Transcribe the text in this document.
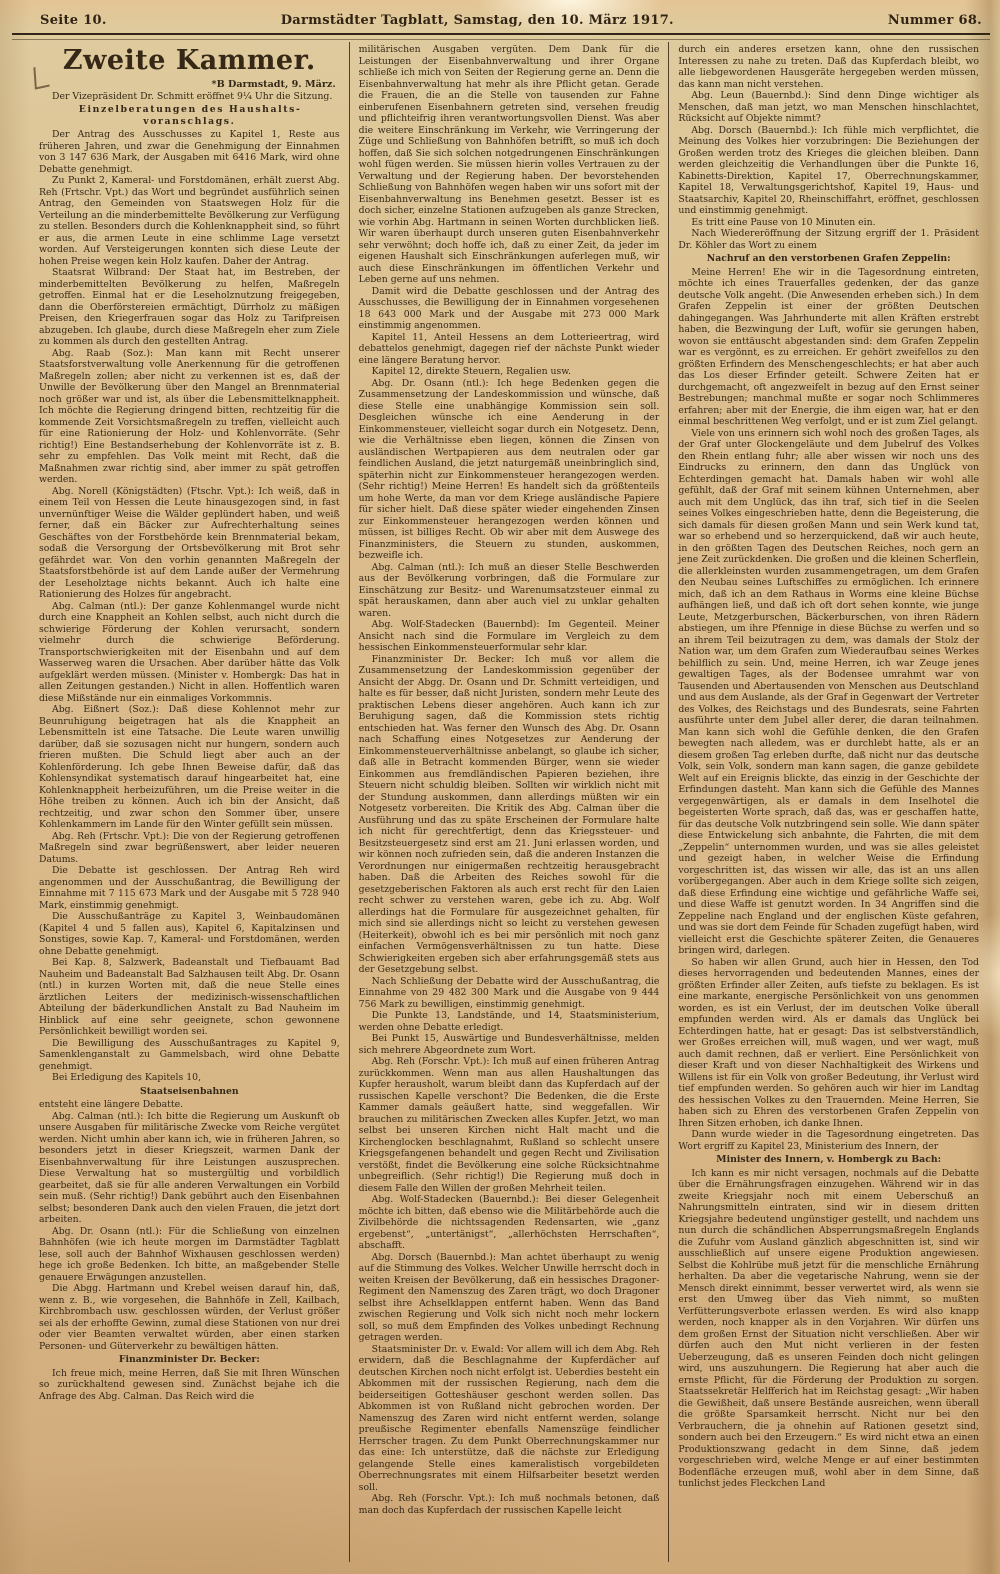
Seite 10.	Darmstädter Tagblatt, Samstag, den 10. März 1917.	Nummer 68.
Zweite Kammer.
*B Darmstadt, 9. März.
Der Vizepräsident Dr. Schmitt eröffnet 9¼ Uhr die Sitzung.
Einzelberatungen des Haushaltsvoranschlags.
Der Antrag des Ausschusses zu Kapitel 1, Reste aus früheren Jahren, und zwar die Genehmigung der Einnahmen von 3 147 636 Mark, der Ausgaben mit 6416 Mark, wird ohne Debatte genehmigt.
Zu Punkt 2, Kameral- und Forstdomänen, erhält zuerst Abg. Reh (Frtschr. Vpt.) das Wort und begründet ausführlich seinen Antrag, den Gemeinden von Staatswegen Holz für die Verteilung an die minderbemittelte Bevölkerung zur Verfügung zu stellen. Besonders durch die Kohlenknappheit sind, so führt er aus, die armen Leute in eine schlimme Lage versetzt worden. Auf Versteigerungen konnten sich diese Leute der hohen Preise wegen kein Holz kaufen. Daher der Antrag.
Staatsrat Wilbrand: Der Staat hat, im Bestreben, der minderbemittelten Bevölkerung zu helfen, Maßregeln getroffen. Einmal hat er die Leseholznutzung freigegeben, dann die Oberförstereien ermächtigt, Dürrholz zu mäßigen Preisen, den Kriegerfrauen sogar das Holz zu Tarifpreisen abzugeben. Ich glaube, durch diese Maßregeln eher zum Ziele zu kommen als durch den gestellten Antrag.
Abg. Raab (Soz.): Man kann mit Recht unserer Staatsforstverwaltung volle Anerkennung für die getroffenen Maßregeln zollen; aber nicht zu verkennen ist es, daß der Unwille der Bevölkerung über den Mangel an Brennmaterial noch größer war und ist, als über die Lebensmittelknappheit. Ich möchte die Regierung dringend bitten, rechtzeitig für die kommende Zeit Vorsichtsmaßregeln zu treffen, vielleicht auch für eine Rationierung der Holz- und Kohlenvorräte. (Sehr richtig!) Eine Bestandserhebung der Kohlenvorräte ist z. B. sehr zu empfehlen. Das Volk meint mit Recht, daß die Maßnahmen zwar richtig sind, aber immer zu spät getroffen werden.
Abg. Norell (Königstädten) (Ftschr. Vpt.): Ich weiß, daß in einem Teil von Hessen die Leute hinausgezogen sind, in fast unvernünftiger Weise die Wälder geplündert haben, und weiß ferner, daß ein Bäcker zur Aufrechterhaltung seines Geschäftes von der Forstbehörde kein Brennmaterial bekam, sodaß die Versorgung der Ortsbevölkerung mit Brot sehr gefährdet war. Von den vorhin genannten Maßregeln der Staatsforstbehörde ist auf dem Lande außer der Vermehrung der Leseholztage nichts bekannt. Auch ich halte eine Rationierung des Holzes für angebracht.
Abg. Calman (ntl.): Der ganze Kohlenmangel wurde nicht durch eine Knappheit an Kohlen selbst, auch nicht durch die schwierige Förderung der Kohlen verursacht, sondern vielmehr durch die schwierige Beförderung. Transportschwierigkeiten mit der Eisenbahn und auf dem Wasserweg waren die Ursachen. Aber darüber hätte das Volk aufgeklärt werden müssen. (Minister v. Hombergk: Das hat in allen Zeitungen gestanden.) Nicht in allen. Hoffentlich waren diese Mißstände nur ein einmaliges Vorkommnis.
Abg. Eißnert (Soz.): Daß diese Kohlennot mehr zur Beunruhigung beigetragen hat als die Knappheit an Lebensmitteln ist eine Tatsache. Die Leute waren unwillig darüber, daß sie sozusagen nicht nur hungern, sondern auch frieren mußten. Die Schuld liegt aber auch an der Kohlenförderung. Ich gebe Ihnen Beweise dafür, daß das Kohlensyndikat systematisch darauf hingearbeitet hat, eine Kohlenknappheit herbeizuführen, um die Preise weiter in die Höhe treiben zu können. Auch ich bin der Ansicht, daß rechtzeitig, und zwar schon den Sommer über, unsere Kohlenkammern im Lande für den Winter gefüllt sein müssen.
Abg. Reh (Frtschr. Vpt.): Die von der Regierung getroffenen Maßregeln sind zwar begrüßenswert, aber leider neueren Datums.
Die Debatte ist geschlossen. Der Antrag Reh wird angenommen und der Ausschußantrag, die Bewilligung der Einnahme mit 7 115 673 Mark und der Ausgabe mit 5 728 940 Mark, einstimmig genehmigt.
Die Ausschußanträge zu Kapitel 3, Weinbaudomänen (Kapitel 4 und 5 fallen aus), Kapitel 6, Kapitalzinsen und Sonstiges, sowie Kap. 7, Kameral- und Forstdomänen, werden ohne Debatte genehmigt.
Bei Kap. 8, Salzwerk, Badeanstalt und Tiefbauamt Bad Nauheim und Badeanstalt Bad Salzhausen teilt Abg. Dr. Osann (ntl.) in kurzen Worten mit, daß die neue Stelle eines ärztlichen Leiters der medizinisch-wissenschaftlichen Abteilung der bäderkundlichen Anstalt zu Bad Nauheim im Hinblick auf eine sehr geeignete, schon gewonnene Persönlichkeit bewilligt worden sei.
Die Bewilligung des Ausschußantrages zu Kapitel 9, Samenklenganstalt zu Gammelsbach, wird ohne Debatte genehmigt.
Bei Erledigung des Kapitels 10,
Staatseisenbahnen
entsteht eine längere Debatte.
Abg. Calman (ntl.): Ich bitte die Regierung um Auskunft ob unsere Ausgaben für militärische Zwecke vom Reiche vergütet werden. Nicht umhin aber kann ich, wie in früheren Jahren, so besonders jetzt in dieser Kriegszeit, warmen Dank der Eisenbahnverwaltung für ihre Leistungen auszusprechen. Diese Verwaltung hat so mustergültig und vorbildlich gearbeitet, daß sie für alle anderen Verwaltungen ein Vorbild sein muß. (Sehr richtig!) Dank gebührt auch den Eisenbahnen selbst; besonderen Dank auch den vielen Frauen, die jetzt dort arbeiten.
Abg. Dr. Osann (ntl.): Für die Schließung von einzelnen Bahnhöfen (wie ich heute morgen im Darmstädter Tagblatt lese, soll auch der Bahnhof Wixhausen geschlossen werden) hege ich große Bedenken. Ich bitte, an maßgebender Stelle genauere Erwägungen anzustellen.
Die Abgg. Hartmann und Krebel weisen darauf hin, daß, wenn z. B., wie vorgesehen, die Bahnhöfe in Zell, Kailbach, Kirchbrombach usw. geschlossen würden, der Verlust größer sei als der erhoffte Gewinn, zumal diese Stationen von nur drei oder vier Beamten verwaltet würden, aber einen starken Personen- und Güterverkehr zu bewältigen hätten.
Finanzminister Dr. Becker:
Ich freue mich, meine Herren, daß Sie mit Ihren Wünschen so zurückhaltend gewesen sind. Zunächst bejahe ich die Anfrage des Abg. Calman. Das Reich wird die
militärischen Ausgaben vergüten. Dem Dank für die Leistungen der Eisenbahnverwaltung und ihrer Organe schließe ich mich von Seiten der Regierung gerne an. Denn die Eisenbahnverwaltung hat mehr als ihre Pflicht getan. Gerade die Frauen, die an die Stelle von tausenden zur Fahne einberufenen Eisenbahnern getreten sind, versehen freudig und pflichteifrig ihren verantwortungsvollen Dienst. Was aber die weitere Einschränkung im Verkehr, wie Verringerung der Züge und Schließung von Bahnhöfen betrifft, so muß ich doch hoffen, daß Sie sich solchen notgedrungenen Einschränkungen wohl fügen werden. Sie müssen hierin volles Vertrauen zu der Verwaltung und der Regierung haben. Der bevorstehenden Schließung von Bahnhöfen wegen haben wir uns sofort mit der Eisenbahnverwaltung ins Benehmen gesetzt. Besser ist es doch sicher, einzelne Stationen aufzugeben als ganze Strecken, wie vorhin Abg. Hartmann in seinen Worten durchblicken ließ. Wir waren überhaupt durch unseren guten Eisenbahnverkehr sehr verwöhnt; doch hoffe ich, daß zu einer Zeit, da jeder im eigenen Haushalt sich Einschränkungen auferlegen muß, wir auch diese Einschränkungen im öffentlichen Verkehr und Leben gerne auf uns nehmen.
Damit wird die Debatte geschlossen und der Antrag des Ausschusses, die Bewilligung der in Einnahmen vorgesehenen 18 643 000 Mark und der Ausgabe mit 273 000 Mark einstimmig angenommen.
Kapitel 11, Anteil Hessens an dem Lotterieertrag, wird debattelos genehmigt, dagegen rief der nächste Punkt wieder eine längere Beratung hervor.
Kapitel 12, direkte Steuern, Regalien usw.
Abg. Dr. Osann (ntl.): Ich hege Bedenken gegen die Zusammensetzung der Landeskommission und wünsche, daß diese Stelle eine unabhängige Kommission sein soll. Desgleichen wünsche ich eine Aenderung in der Einkommensteuer, vielleicht sogar durch ein Notgesetz. Denn, wie die Verhältnisse eben liegen, können die Zinsen von ausländischen Wertpapieren aus dem neutralen oder gar feindlichen Ausland, die jetzt naturgemäß uneinbringlich sind, späterhin nicht zur Einkommensteuer herangezogen werden. (Sehr richtig!) Meine Herren! Es handelt sich da größtenteils um hohe Werte, da man vor dem Kriege ausländische Papiere für sicher hielt. Daß diese später wieder eingehenden Zinsen zur Einkommensteuer herangezogen werden können und müssen, ist billiges Recht. Ob wir aber mit dem Auswege des Finanzministers, die Steuern zu stunden, auskommen, bezweifle ich.
Abg. Calman (ntl.): Ich muß an dieser Stelle Beschwerden aus der Bevölkerung vorbringen, daß die Formulare zur Einschätzung zur Besitz- und Warenumsatzsteuer einmal zu spät herauskamen, dann aber auch viel zu unklar gehalten waren.
Abg. Wolf-Stadecken (Bauernbd): Im Gegenteil. Meiner Ansicht nach sind die Formulare im Vergleich zu dem hessischen Einkommensteuerformular sehr klar.
Finanzminister Dr. Becker: Ich muß vor allem die Zusammensetzung der Landeskommission gegenüber der Ansicht der Abgg. Dr. Osann und Dr. Schmitt verteidigen, und halte es für besser, daß nicht Juristen, sondern mehr Leute des praktischen Lebens dieser angehören. Auch kann ich zur Beruhigung sagen, daß die Kommission stets richtig entschieden hat. Was ferner den Wunsch des Abg. Dr. Osann nach Schaffung eines Notgesetzes zur Aenderung der Einkommensteuerverhältnisse anbelangt, so glaube ich sicher, daß alle in Betracht kommenden Bürger, wenn sie wieder Einkommen aus fremdländischen Papieren beziehen, ihre Steuern nicht schuldig bleiben. Sollten wir wirklich nicht mit der Stundung auskommen, dann allerdings müßten wir ein Notgesetz vorbereiten. Die Kritik des Abg. Calman über die Ausführung und das zu späte Erscheinen der Formulare halte ich nicht für gerechtfertigt, denn das Kriegssteuer- und Besitzsteuergesetz sind erst am 21. Juni erlassen worden, und wir können noch zufrieden sein, daß die anderen Instanzen die Verordnungen nur einigermaßen rechtzeitig herausgebracht haben. Daß die Arbeiten des Reiches sowohl für die gesetzgeberischen Faktoren als auch erst recht für den Laien recht schwer zu verstehen waren, gebe ich zu. Abg. Wolf allerdings hat die Formulare für ausgezeichnet gehalten, für mich sind sie allerdings nicht so leicht zu verstehen gewesen (Heiterkeit), obwohl ich es bei mir persönlich mit noch ganz einfachen Vermögensverhältnissen zu tun hatte. Diese Schwierigkeiten ergeben sich aber erfahrungsgemäß stets aus der Gesetzgebung selbst.
Nach Schließung der Debatte wird der Ausschußantrag, die Einnahme von 29 482 300 Mark und die Ausgabe von 9 444 756 Mark zu bewilligen, einstimmig genehmigt.
Die Punkte 13, Landstände, und 14, Staatsministerium, werden ohne Debatte erledigt.
Bei Punkt 15, Auswärtige und Bundesverhältnisse, melden sich mehrere Abgeordnete zum Wort.
Abg. Reh (Forschr. Vpt.): Ich muß auf einen früheren Antrag zurückkommen. Wenn man aus allen Haushaltungen das Kupfer herausholt, warum bleibt dann das Kupferdach auf der russischen Kapelle verschont? Die Bedenken, die die Erste Kammer damals geäußert hatte, sind weggefallen. Wir brauchen zu militärischen Zwecken alles Kupfer. Jetzt, wo man selbst bei unseren Kirchen nicht Halt macht und die Kirchenglocken beschlagnahmt, Rußland so schlecht unsere Kriegsgefangenen behandelt und gegen Recht und Zivilisation verstößt, findet die Bevölkerung eine solche Rücksichtnahme unbegreiflich. (Sehr richtig!) Die Regierung muß doch in diesem Falle den Willen der großen Mehrheit teilen.
Abg. Wolf-Stadecken (Bauernbd.): Bei dieser Gelegenheit möchte ich bitten, daß ebenso wie die Militärbehörde auch die Zivilbehörde die nichtssagenden Redensarten, wie „ganz ergebenst“, „untertänigst“, „allerhöchsten Herrschaften“, abschafft.
Abg. Dorsch (Bauernbd.): Man achtet überhaupt zu wenig auf die Stimmung des Volkes. Welcher Unwille herrscht doch in weiten Kreisen der Bevölkerung, daß ein hessisches Dragoner-Regiment den Namenszug des Zaren trägt, wo doch Dragoner selbst ihre Achselklappen entfernt haben. Wenn das Band zwischen Regierung und Volk sich nicht noch mehr lockern soll, so muß dem Empfinden des Volkes unbedingt Rechnung getragen werden.
Staatsminister Dr. v. Ewald: Vor allem will ich dem Abg. Reh erwidern, daß die Beschlagnahme der Kupferdächer auf deutschen Kirchen noch nicht erfolgt ist. Ueberdies besteht ein Abkommen mit der russischen Regierung, nach dem die beiderseitigen Gotteshäuser geschont werden sollen. Das Abkommen ist von Rußland nicht gebrochen worden. Der Namenszug des Zaren wird nicht entfernt werden, solange preußische Regimenter ebenfalls Namenszüge feindlicher Herrscher tragen. Zu dem Punkt Oberrechnungskammer nur das eine: Ich unterstütze, daß die nächste zur Erledigung gelangende Stelle eines kameralistisch vorgebildeten Oberrechnungsrates mit einem Hilfsarbeiter besetzt werden soll.
Abg. Reh (Forschr. Vpt.): Ich muß nochmals betonen, daß man doch das Kupferdach der russischen Kapelle leicht
durch ein anderes ersetzen kann, ohne den russischen Interessen zu nahe zu treten. Daß das Kupferdach bleibt, wo alle liebgewordenen Hausgeräte hergegeben werden müssen, das kann man nicht verstehen.
Abg. Leun (Bauernbd.): Sind denn Dinge wichtiger als Menschen, daß man jetzt, wo man Menschen hinschlachtet, Rücksicht auf Objekte nimmt?
Abg. Dorsch (Bauernbd.): Ich fühle mich verpflichtet, die Meinung des Volkes hier vorzubringen: Die Beziehungen der Großen werden trotz des Krieges die gleichen bleiben. Dann werden gleichzeitig die Verhandlungen über die Punkte 16, Kabinetts-Direktion, Kapitel 17, Oberrechnungskammer, Kapitel 18, Verwaltungsgerichtshof, Kapitel 19, Haus- und Staatsarchiv, Kapitel 20, Rheinschiffahrt, eröffnet, geschlossen und einstimmig genehmigt.
Es tritt eine Pause von 10 Minuten ein.
Nach Wiedereröffnung der Sitzung ergriff der 1. Präsident Dr. Köhler das Wort zu einem
Nachruf an den verstorbenen Grafen Zeppelin:
Meine Herren! Ehe wir in die Tagesordnung eintreten, möchte ich eines Trauerfalles gedenken, der das ganze deutsche Volk angeht. (Die Anwesenden erheben sich.) In dem Grafen Zeppelin ist einer der größten Deutschen dahingegangen. Was Jahrhunderte mit allen Kräften erstrebt haben, die Bezwingung der Luft, wofür sie gerungen haben, wovon sie enttäuscht abgestanden sind: dem Grafen Zeppelin war es vergönnt, es zu erreichen. Er gehört zweifellos zu den größten Erfindern des Menschengeschlechts; er hat aber auch das Los dieser Erfinder geteilt. Schwere Zeiten hat er durchgemacht, oft angezweifelt in bezug auf den Ernst seiner Bestrebungen; manchmal mußte er sogar noch Schlimmeres erfahren; aber mit der Energie, die ihm eigen war, hat er den einmal beschrittenen Weg verfolgt, und er ist zum Ziel gelangt.
Viele von uns erinnern sich wohl noch des großen Tages, als der Graf unter Glockengeläute und dem Jubelruf des Volkes den Rhein entlang fuhr; alle aber wissen wir noch uns des Eindrucks zu erinnern, den dann das Unglück von Echterdingen gemacht hat. Damals haben wir wohl alle gefühlt, daß der Graf mit seinem kühnen Unternehmen, aber auch mit dem Unglück, das ihn traf, sich tief in die Seelen seines Volkes eingeschrieben hatte, denn die Begeisterung, die sich damals für diesen großen Mann und sein Werk kund tat, war so erhebend und so herzerquickend, daß wir auch heute, in den größten Tagen des Deutschen Reiches, noch gern an jene Zeit zurückdenken. Die großen und die kleinen Scherflein, die allerkleinsten wurden zusammengetragen, um dem Grafen den Neubau seines Luftschiffes zu ermöglichen. Ich erinnere mich, daß ich an dem Rathaus in Worms eine kleine Büchse aufhängen ließ, und daß ich oft dort sehen konnte, wie junge Leute, Metzgerburschen, Bäckerburschen, von ihren Rädern abstiegen, um ihre Pfennige in diese Büchse zu werfen und so an ihrem Teil beizutragen zu dem, was damals der Stolz der Nation war, um dem Grafen zum Wiederaufbau seines Werkes behilflich zu sein. Und, meine Herren, ich war Zeuge jenes gewaltigen Tages, als der Bodensee umrahmt war von Tausenden und Abertausenden von Menschen aus Deutschland und aus dem Auslande, als der Graf in Gegenwart der Vertreter des Volkes, des Reichstags und des Bundesrats, seine Fahrten ausführte unter dem Jubel aller derer, die daran teilnahmen. Man kann sich wohl die Gefühle denken, die den Grafen bewegten nach alledem, was er durchlebt hatte, als er an diesem großen Tag erleben durfte, daß nicht nur das deutsche Volk, sein Volk, sondern man kann sagen, die ganze gebildete Welt auf ein Ereignis blickte, das einzig in der Geschichte der Erfindungen dasteht. Man kann sich die Gefühle des Mannes vergegenwärtigen, als er damals in dem Inselhotel die begeisterten Worte sprach, daß das, was er geschaffen hatte, für das deutsche Volk nutzbringend sein solle. Wie dann später diese Entwickelung sich anbahnte, die Fahrten, die mit dem „Zeppelin“ unternommen wurden, und was sie alles geleistet und gezeigt haben, in welcher Weise die Erfindung vorgeschritten ist, das wissen wir alle, das ist an uns allen vorübergegangen. Aber auch in dem Kriege sollte sich zeigen, daß diese Erfindung eine wichtige und gefährliche Waffe sei, und diese Waffe ist genutzt worden. In 34 Angriffen sind die Zeppeline nach England und der englischen Küste gefahren, und was sie dort dem Feinde für Schaden zugefügt haben, wird vielleicht erst die Geschichte späterer Zeiten, die Genaueres bringen wird, darlegen.
So haben wir allen Grund, auch hier in Hessen, den Tod dieses hervorragenden und bedeutenden Mannes, eines der größten Erfinder aller Zeiten, aufs tiefste zu beklagen. Es ist eine markante, energische Persönlichkeit von uns genommen worden, es ist ein Verlust, der im deutschen Volke überall empfunden werden wird. Als er damals das Unglück bei Echterdingen hatte, hat er gesagt: Das ist selbstverständlich, wer Großes erreichen will, muß wagen, und wer wagt, muß auch damit rechnen, daß er verliert. Eine Persönlichkeit von dieser Kraft und von dieser Nachhaltigkeit des Wirkens und Willens ist für ein Volk von großer Bedeutung, ihr Verlust wird tief empfunden werden. So gehören auch wir hier im Landtag des hessischen Volkes zu den Trauernden. Meine Herren, Sie haben sich zu Ehren des verstorbenen Grafen Zeppelin von Ihren Sitzen erhoben, ich danke Ihnen.
Dann wurde wieder in die Tagesordnung eingetreten. Das Wort ergriff zu Kapitel 23, Ministerium des Innern, der
Minister des Innern, v. Hombergk zu Bach:
Ich kann es mir nicht versagen, nochmals auf die Debatte über die Ernährungsfragen einzugehen. Während wir in das zweite Kriegsjahr noch mit einem Ueberschuß an Nahrungsmitteln eintraten, sind wir in diesem dritten Kriegsjahre bedeutend ungünstiger gestellt, und nachdem uns nun durch die schändlichen Absperrungsmaßregeln Englands die Zufuhr vom Ausland gänzlich abgeschnitten ist, sind wir ausschließlich auf unsere eigene Produktion angewiesen. Selbst die Kohlrübe muß jetzt für die menschliche Ernährung herhalten. Da aber die vegetarische Nahrung, wenn sie der Mensch direkt einnimmt, besser verwertet wird, als wenn sie erst den Umweg über das Vieh nimmt, so mußten Verfütterungsverbote erlassen werden. Es wird also knapp werden, noch knapper als in den Vorjahren. Wir dürfen uns dem großen Ernst der Situation nicht verschließen. Aber wir dürfen auch den Mut nicht verlieren in der festen Ueberzeugung, daß es unseren Feinden doch nicht gelingen wird, uns auszuhungern. Die Regierung hat aber auch die ernste Pflicht, für die Förderung der Produktion zu sorgen. Staatssekretär Helfferich hat im Reichstag gesagt: „Wir haben die Gewißheit, daß unsere Bestände ausreichen, wenn überall die größte Sparsamkeit herrscht. Nicht nur bei den Verbrauchern, die ja ohnehin auf Rationen gesetzt sind, sondern auch bei den Erzeugern.“ Es wird nicht etwa an einen Produktionszwang gedacht in dem Sinne, daß jedem vorgeschrieben wird, welche Menge er auf einer bestimmten Bodenfläche erzeugen muß, wohl aber in dem Sinne, daß tunlichst jedes Fleckchen Land
